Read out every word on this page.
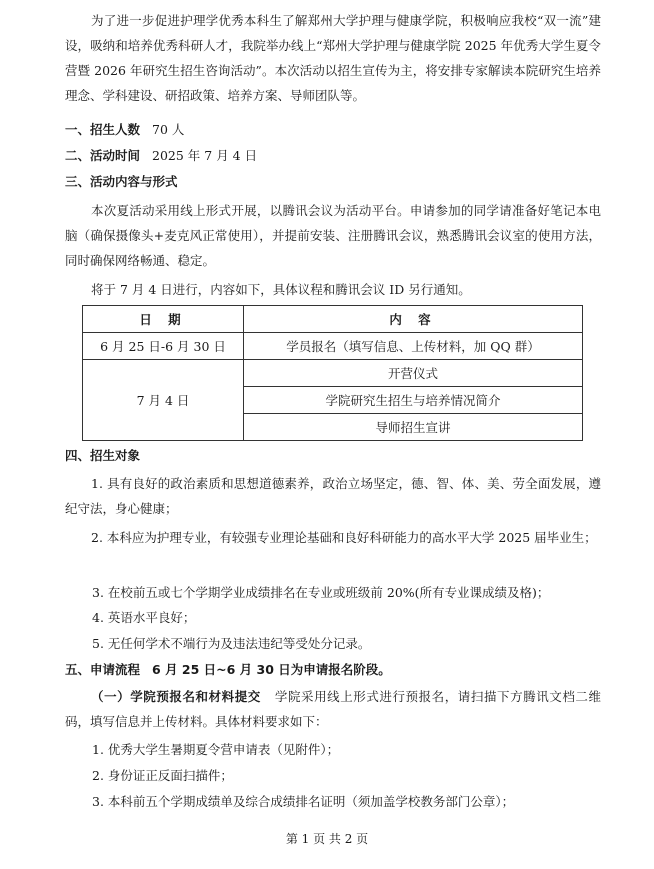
为了进一步促进护理学优秀本科生了解郑州大学护理与健康学院，积极响应我校“双一流”建设，吸纳和培养优秀科研人才，我院举办线上“郑州大学护理与健康学院 2025 年优秀大学生夏令营暨 2026 年研究生招生咨询活动”。本次活动以招生宣传为主，将安排专家解读本院研究生培养理念、学科建设、研招政策、培养方案、导师团队等。

一、招生人数 70 人
二、活动时间 2025 年 7 月 4 日
三、活动内容与形式

本次夏活动采用线上形式开展，以腾讯会议为活动平台。申请参加的同学请准备好笔记本电脑（确保摄像头+麦克风正常使用），并提前安装、注册腾讯会议，熟悉腾讯会议室的使用方法，同时确保网络畅通、稳定。

将于 7 月 4 日进行，内容如下，具体议程和腾讯会议 ID 另行通知。

日 期	内 容
6 月 25 日-6 月 30 日	学员报名（填写信息、上传材料，加 QQ 群）
7 月 4 日	开营仪式
	学院研究生招生与培养情况简介
	导师招生宣讲
四、招生对象

1. 具有良好的政治素质和思想道德素养，政治立场坚定，德、智、体、美、劳全面发展，遵纪守法，身心健康；

2. 本科应为护理专业，有较强专业理论基础和良好科研能力的高水平大学 2025 届毕业生；

3. 在校前五或七个学期学业成绩排名在专业或班级前 20%(所有专业课成绩及格)；
4. 英语水平良好；
5. 无任何学术不端行为及违法违纪等受处分记录。
五、申请流程 6 月 25 日~6 月 30 日为申请报名阶段。

（一）学院预报名和材料提交 学院采用线上形式进行预报名，请扫描下方腾讯文档二维码，填写信息并上传材料。具体材料要求如下：

1. 优秀大学生暑期夏令营申请表（见附件）；
2. 身份证正反面扫描件；
3. 本科前五个学期成绩单及综合成绩排名证明（须加盖学校教务部门公章）；
第 1 页 共 2 页
